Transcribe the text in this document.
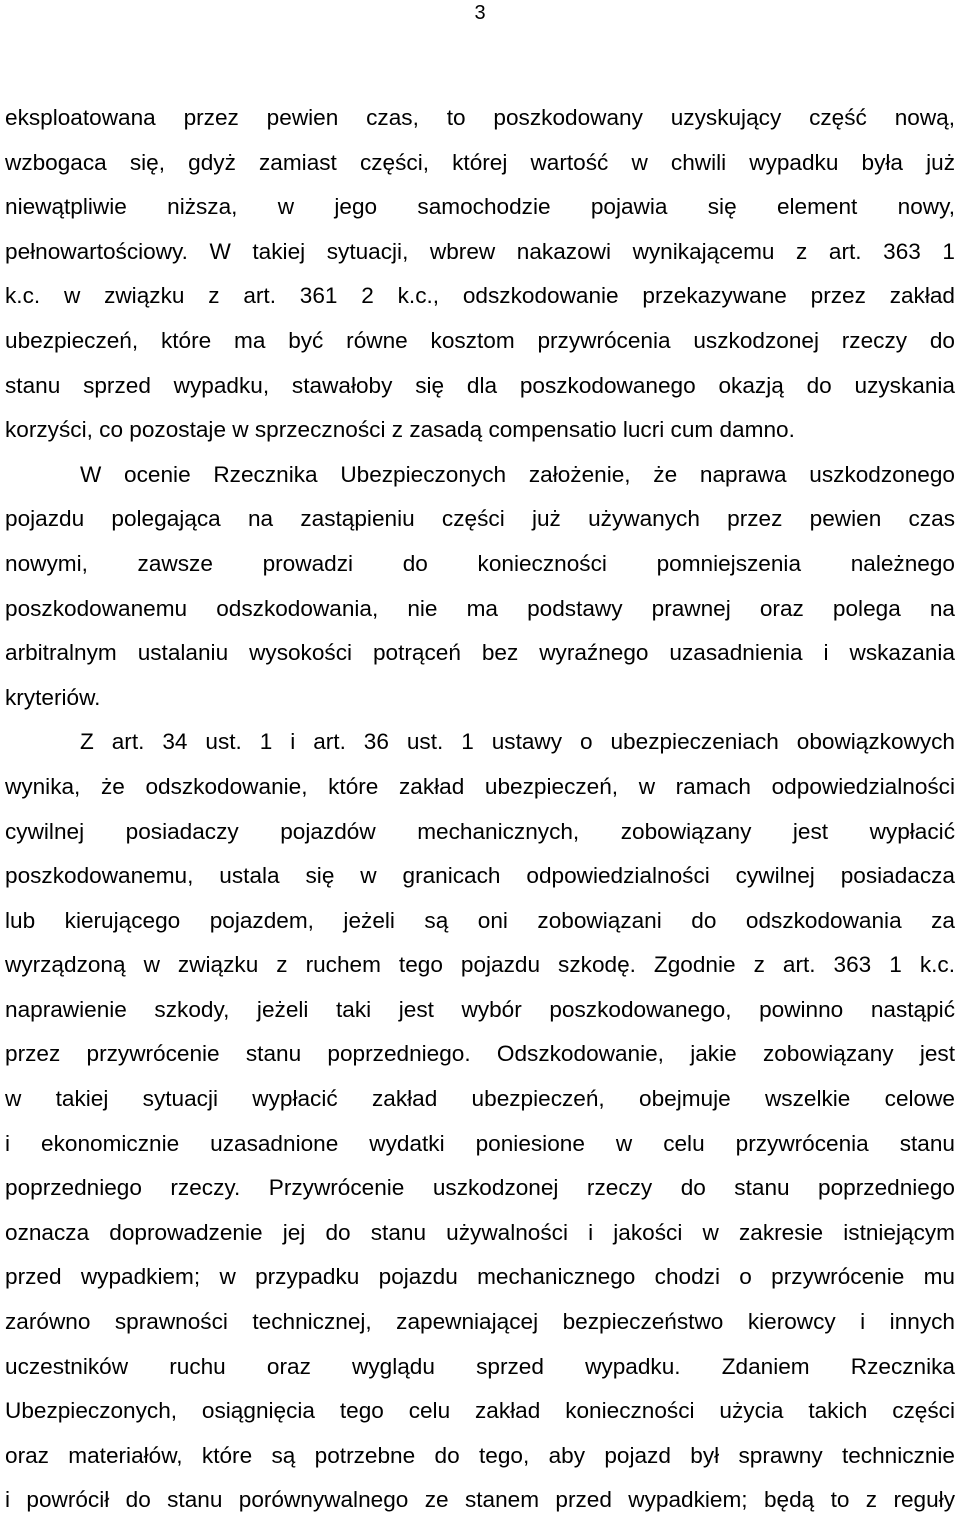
3

eksploatowana przez pewien czas, to poszkodowany uzyskujący część nową,

wzbogaca się, gdyż zamiast części, której wartość w chwili wypadku była już

niewątpliwie niższa, w jego samochodzie pojawia się element nowy,

pełnowartościowy. W takiej sytuacji, wbrew nakazowi wynikającemu z art. 363 1

k.c. w związku z art. 361 2 k.c., odszkodowanie przekazywane przez zakład

ubezpieczeń, które ma być równe kosztom przywrócenia uszkodzonej rzeczy do

stanu sprzed wypadku, stawałoby się dla poszkodowanego okazją do uzyskania

korzyści, co pozostaje w sprzeczności z zasadą compensatio lucri cum damno.

W ocenie Rzecznika Ubezpieczonych założenie, że naprawa uszkodzonego

pojazdu polegająca na zastąpieniu części już używanych przez pewien czas

nowymi, zawsze prowadzi do konieczności pomniejszenia należnego

poszkodowanemu odszkodowania, nie ma podstawy prawnej oraz polega na

arbitralnym ustalaniu wysokości potrąceń bez wyraźnego uzasadnienia i wskazania

kryteriów.

Z art. 34 ust. 1 i art. 36 ust. 1 ustawy o ubezpieczeniach obowiązkowych

wynika, że odszkodowanie, które zakład ubezpieczeń, w ramach odpowiedzialności

cywilnej posiadaczy pojazdów mechanicznych, zobowiązany jest wypłacić

poszkodowanemu, ustala się w granicach odpowiedzialności cywilnej posiadacza

lub kierującego pojazdem, jeżeli są oni zobowiązani do odszkodowania za

wyrządzoną w związku z ruchem tego pojazdu szkodę. Zgodnie z art. 363 1 k.c.

naprawienie szkody, jeżeli taki jest wybór poszkodowanego, powinno nastąpić

przez przywrócenie stanu poprzedniego. Odszkodowanie, jakie zobowiązany jest

w takiej sytuacji wypłacić zakład ubezpieczeń, obejmuje wszelkie celowe

i ekonomicznie uzasadnione wydatki poniesione w celu przywrócenia stanu

poprzedniego rzeczy. Przywrócenie uszkodzonej rzeczy do stanu poprzedniego

oznacza doprowadzenie jej do stanu używalności i jakości w zakresie istniejącym

przed wypadkiem; w przypadku pojazdu mechanicznego chodzi o przywrócenie mu

zarówno sprawności technicznej, zapewniającej bezpieczeństwo kierowcy i innych

uczestników ruchu oraz wyglądu sprzed wypadku. Zdaniem Rzecznika

Ubezpieczonych, osiągnięcia tego celu zakład konieczności użycia takich części

oraz materiałów, które są potrzebne do tego, aby pojazd był sprawny technicznie

i powrócił do stanu porównywalnego ze stanem przed wypadkiem; będą to z reguły
